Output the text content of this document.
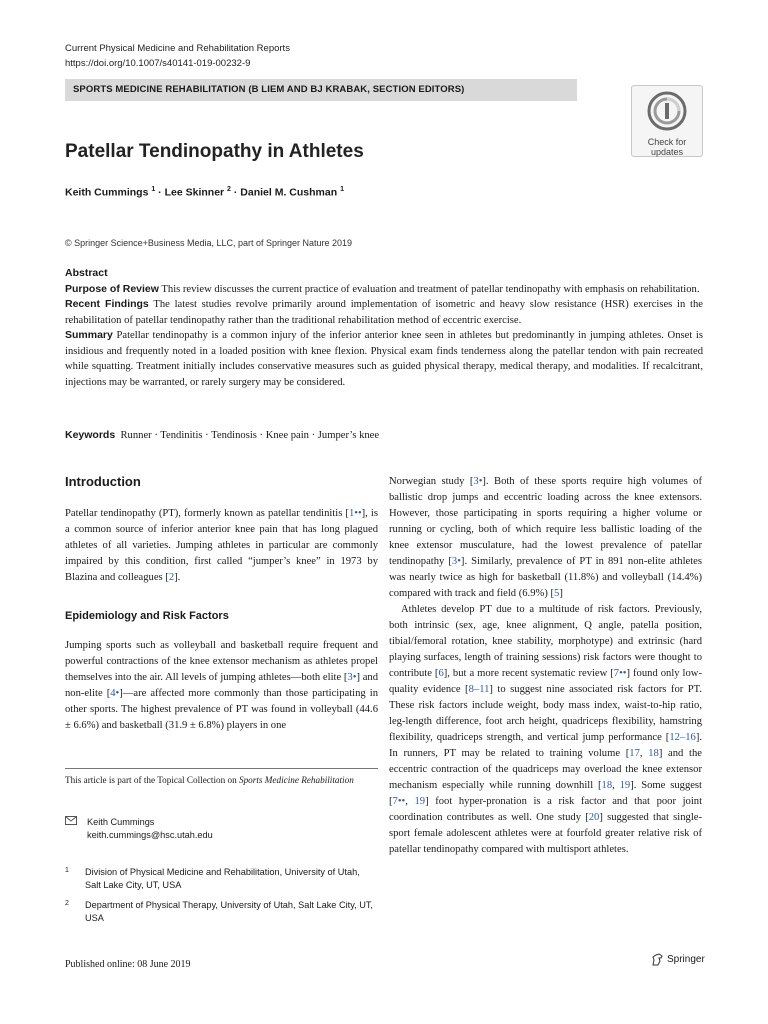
Current Physical Medicine and Rehabilitation Reports
https://doi.org/10.1007/s40141-019-00232-9
SPORTS MEDICINE REHABILITATION (B LIEM AND BJ KRABAK, SECTION EDITORS)
Check for
updates
Patellar Tendinopathy in Athletes
Keith Cummings $^1$ · Lee Skinner $^2$ · Daniel M. Cushman $^1$
© Springer Science+Business Media, LLC, part of Springer Nature 2019

Abstract

Purpose of Review This review discusses the current practice of evaluation and treatment of patellar tendinopathy with emphasis on rehabilitation.

Recent Findings The latest studies revolve primarily around implementation of isometric and heavy slow resistance (HSR) exercises in the rehabilitation of patellar tendinopathy rather than the traditional rehabilitation method of eccentric exercise.

Summary Patellar tendinopathy is a common injury of the inferior anterior knee seen in athletes but predominantly in jumping athletes. Onset is insidious and frequently noted in a loaded position with knee flexion. Physical exam finds tenderness along the patellar tendon with pain recreated while squatting. Treatment initially includes conservative measures such as guided physical therapy, medical therapy, and modalities. If recalcitrant, injections may be warranted, or rarely surgery may be considered.

Keywords Runner · Tendinitis · Tendinosis · Knee pain · Jumper’s knee
Introduction

Patellar tendinopathy (PT), formerly known as patellar tendinitis [1••], is a common source of inferior anterior knee pain that has long plagued athletes of all varieties. Jumping athletes in particular are commonly impaired by this condition, first called “jumper’s knee” in 1973 by Blazina and colleagues [2].

Epidemiology and Risk Factors

Jumping sports such as volleyball and basketball require frequent and powerful contractions of the knee extensor mechanism as athletes propel themselves into the air. All levels of jumping athletes—both elite [3•] and non-elite [4•]—are affected more commonly than those participating in other sports. The highest prevalence of PT was found in volleyball (44.6 ± 6.6%) and basketball (31.9 ± 6.8%) players in one

Norwegian study [3•]. Both of these sports require high volumes of ballistic drop jumps and eccentric loading across the knee extensors. However, those participating in sports requiring a higher volume or running or cycling, both of which require less ballistic loading of the knee extensor musculature, had the lowest prevalence of patellar tendinopathy [3•]. Similarly, prevalence of PT in 891 non-elite athletes was nearly twice as high for basketball (11.8%) and volleyball (14.4%) compared with track and field (6.9%) [5]

Athletes develop PT due to a multitude of risk factors. Previously, both intrinsic (sex, age, knee alignment, Q angle, patella position, tibial/femoral rotation, knee stability, morphotype) and extrinsic (hard playing surfaces, length of training sessions) risk factors were thought to contribute [6], but a more recent systematic review [7••] found only low-quality evidence [8–11] to suggest nine associated risk factors for PT. These risk factors include weight, body mass index, waist-to-hip ratio, leg-length difference, foot arch height, quadriceps flexibility, hamstring flexibility, quadriceps strength, and vertical jump performance [12–16]. In runners, PT may be related to training volume [17, 18] and the eccentric contraction of the quadriceps may overload the knee extensor mechanism especially while running downhill [18, 19]. Some suggest [7••, 19] foot hyper-pronation is a risk factor and that poor joint coordination contributes as well. One study [20] suggested that single-sport female adolescent athletes were at fourfold greater relative risk of patellar tendinopathy compared with multisport athletes.

This article is part of the Topical Collection on Sports Medicine Rehabilitation
Keith Cummings
keith.cummings@hsc.utah.edu
1 Division of Physical Medicine and Rehabilitation, University of Utah, Salt Lake City, UT, USA
2 Department of Physical Therapy, University of Utah, Salt Lake City, UT, USA
Published online: 08 June 2019	Springer
